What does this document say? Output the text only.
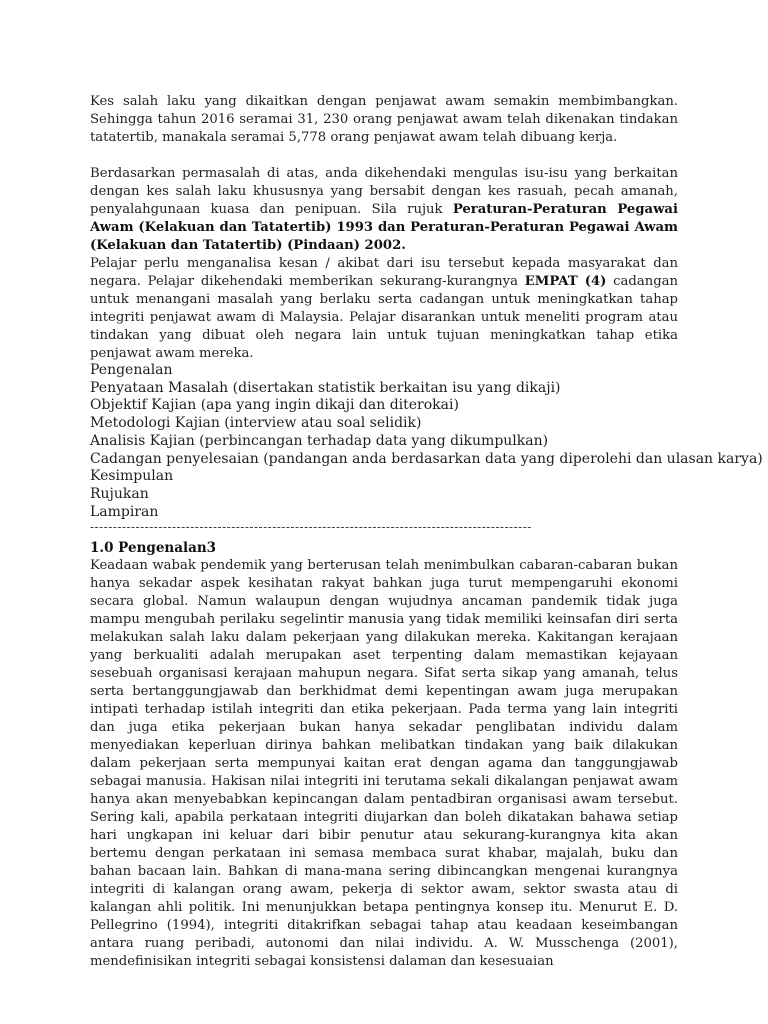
Kes salah laku yang dikaitkan dengan penjawat awam semakin membimbangkan. Sehingga tahun 2016 seramai 31, 230 orang penjawat awam telah dikenakan tindakan tatatertib, manakala seramai 5,778 orang penjawat awam telah dibuang kerja.

Berdasarkan permasalah di atas, anda dikehendaki mengulas isu-isu yang berkaitan dengan kes salah laku khususnya yang bersabit dengan kes rasuah, pecah amanah, penyalahgunaan kuasa dan penipuan. Sila rujuk Peraturan-Peraturan Pegawai Awam (Kelakuan dan Tatatertib) 1993 dan Peraturan-Peraturan Pegawai Awam (Kelakuan dan Tatatertib) (Pindaan) 2002.

Pelajar perlu menganalisa kesan / akibat dari isu tersebut kepada masyarakat dan negara. Pelajar dikehendaki memberikan sekurang-kurangnya EMPAT (4) cadangan untuk menangani masalah yang berlaku serta cadangan untuk meningkatkan tahap integriti penjawat awam di Malaysia. Pelajar disarankan untuk meneliti program atau tindakan yang dibuat oleh negara lain untuk tujuan meningkatkan tahap etika penjawat awam mereka.

Pengenalan
Penyataan Masalah (disertakan statistik berkaitan isu yang dikaji)
Objektif Kajian (apa yang ingin dikaji dan diterokai)
Metodologi Kajian (interview atau soal selidik)
Analisis Kajian (perbincangan terhadap data yang dikumpulkan)
Cadangan penyelesaian (pandangan anda berdasarkan data yang diperolehi dan ulasan karya)
Kesimpulan
Rujukan
Lampiran
-------------------------------------------------------------------------------------------------
1.0 Pengenalan3

Keadaan wabak pendemik yang berterusan telah menimbulkan cabaran-cabaran bukan hanya sekadar aspek kesihatan rakyat bahkan juga turut mempengaruhi ekonomi secara global. Namun walaupun dengan wujudnya ancaman pandemik tidak juga mampu mengubah perilaku segelintir manusia yang tidak memiliki keinsafan diri serta melakukan salah laku dalam pekerjaan yang dilakukan mereka. Kakitangan kerajaan yang berkualiti adalah merupakan aset terpenting dalam memastikan kejayaan sesebuah organisasi kerajaan mahupun negara. Sifat serta sikap yang amanah, telus serta bertanggungjawab dan berkhidmat demi kepentingan awam juga merupakan intipati terhadap istilah integriti dan etika pekerjaan. Pada terma yang lain integriti dan juga etika pekerjaan bukan hanya sekadar penglibatan individu dalam menyediakan keperluan dirinya bahkan melibatkan tindakan yang baik dilakukan dalam pekerjaan serta mempunyai kaitan erat dengan agama dan tanggungjawab sebagai manusia. Hakisan nilai integriti ini terutama sekali dikalangan penjawat awam hanya akan menyebabkan kepincangan dalam pentadbiran organisasi awam tersebut. Sering kali, apabila perkataan integriti diujarkan dan boleh dikatakan bahawa setiap hari ungkapan ini keluar dari bibir penutur atau sekurang-kurangnya kita akan bertemu dengan perkataan ini semasa membaca surat khabar, majalah, buku dan bahan bacaan lain. Bahkan di mana-mana sering dibincangkan mengenai kurangnya integriti di kalangan orang awam, pekerja di sektor awam, sektor swasta atau di kalangan ahli politik. Ini menunjukkan betapa pentingnya konsep itu. Menurut E. D. Pellegrino (1994), integriti ditakrifkan sebagai tahap atau keadaan keseimbangan antara ruang peribadi, autonomi dan nilai individu. A. W. Musschenga (2001), mendefinisikan integriti sebagai konsistensi dalaman dan kesesuaian
